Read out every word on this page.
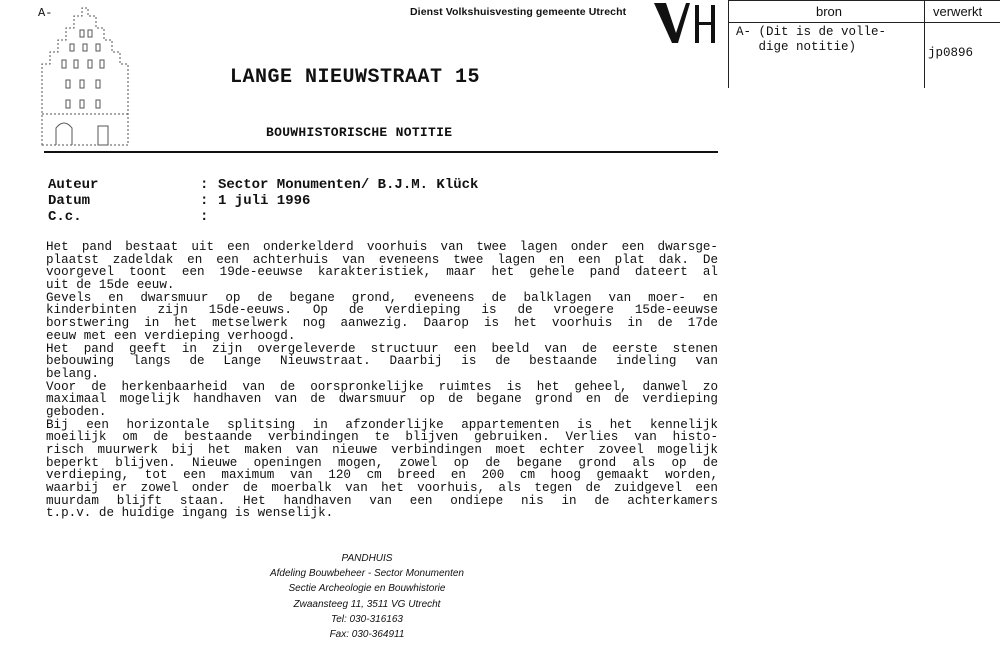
A-	Dienst Volkshuisvesting gemeente Utrecht
VH
LANGE NIEUWSTRAAT 15
BOUWHISTORISCHE NOTITIE
bron	verwerkt
A- (Dit is de volle-
dige notitie)	jp0896
Auteur	: Sector Monumenten/ B.J.M. Klück
Datum	: 1 juli 1996
C.c.	:
Het pand bestaat uit een onderkelderd voorhuis van twee lagen onder een dwarsge-
plaatst zadeldak en een achterhuis van eveneens twee lagen en een plat dak. De
voorgevel toont een 19de-eeuwse karakteristiek, maar het gehele pand dateert al
uit de 15de eeuw.
Gevels en dwarsmuur op de begane grond, eveneens de balklagen van moer- en
kinderbinten zijn 15de-eeuws. Op de verdieping is de vroegere 15de-eeuwse
borstwering in het metselwerk nog aanwezig. Daarop is het voorhuis in de 17de
eeuw met een verdieping verhoogd.
Het pand geeft in zijn overgeleverde structuur een beeld van de eerste stenen
bebouwing langs de Lange Nieuwstraat. Daarbij is de bestaande indeling van
belang.
Voor de herkenbaarheid van de oorspronkelijke ruimtes is het geheel, danwel zo
maximaal mogelijk handhaven van de dwarsmuur op de begane grond en de verdieping
geboden.
Bij een horizontale splitsing in afzonderlijke appartementen is het kennelijk
moeilijk om de bestaande verbindingen te blijven gebruiken. Verlies van histo-
risch muurwerk bij het maken van nieuwe verbindingen moet echter zoveel mogelijk
beperkt blijven. Nieuwe openingen mogen, zowel op de begane grond als op de
verdieping, tot een maximum van 120 cm breed en 200 cm hoog gemaakt worden,
waarbij er zowel onder de moerbalk van het voorhuis, als tegen de zuidgevel een
muurdam blijft staan. Het handhaven van een ondiepe nis in de achterkamers
t.p.v. de huidige ingang is wenselijk.
PANDHUIS
Afdeling Bouwbeheer - Sector Monumenten
Sectie Archeologie en Bouwhistorie
Zwaansteeg 11, 3511 VG Utrecht
Tel: 030-316163
Fax: 030-364911
